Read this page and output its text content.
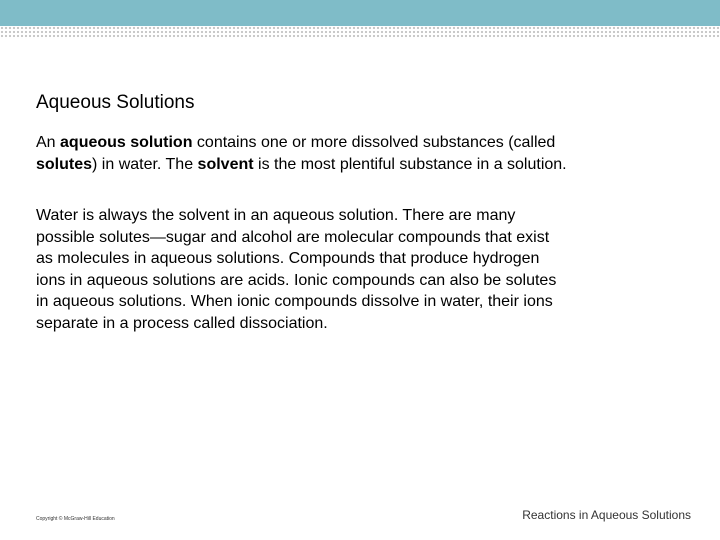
Aqueous Solutions

An aqueous solution contains one or more dissolved substances (called
solutes) in water. The solvent is the most plentiful substance in a solution.

Water is always the solvent in an aqueous solution. There are many
possible solutes—sugar and alcohol are molecular compounds that exist
as molecules in aqueous solutions. Compounds that produce hydrogen
ions in aqueous solutions are acids. Ionic compounds can also be solutes
in aqueous solutions. When ionic compounds dissolve in water, their ions
separate in a process called dissociation.

Copyright © McGraw-Hill Education	Reactions in Aqueous Solutions
